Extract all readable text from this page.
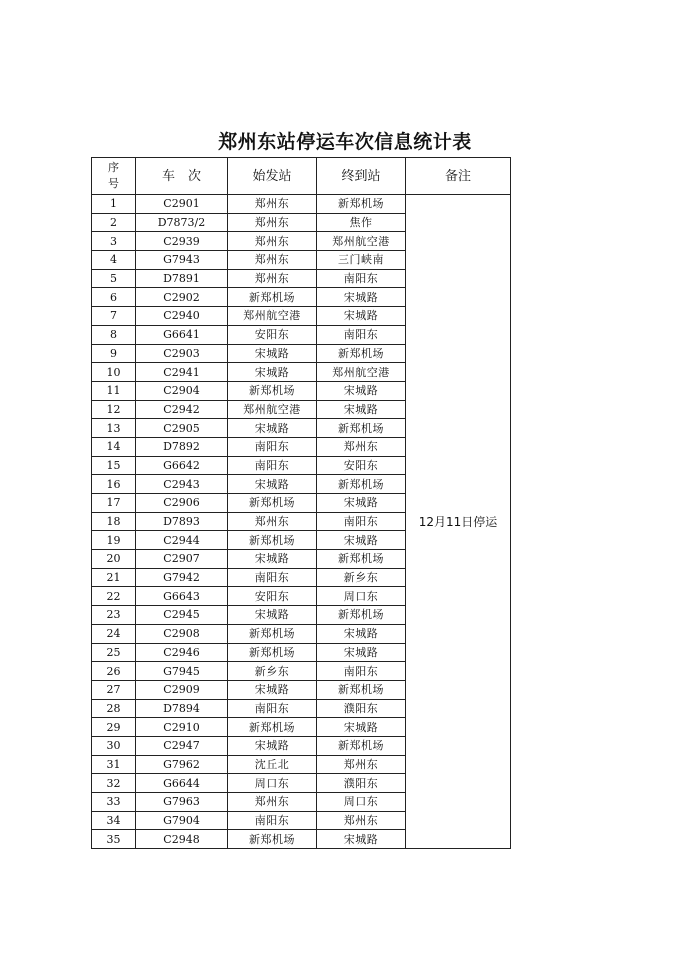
郑州东站停运车次信息统计表
序
号	车　次	始发站	终到站	备注
1	C2901	郑州东	新郑机场	12月11日停运
2	D7873/2	郑州东	焦作	
3	C2939	郑州东	郑州航空港	
4	G7943	郑州东	三门峡南	
5	D7891	郑州东	南阳东	
6	C2902	新郑机场	宋城路	
7	C2940	郑州航空港	宋城路	
8	G6641	安阳东	南阳东	
9	C2903	宋城路	新郑机场	
10	C2941	宋城路	郑州航空港	
11	C2904	新郑机场	宋城路	
12	C2942	郑州航空港	宋城路	
13	C2905	宋城路	新郑机场	
14	D7892	南阳东	郑州东	
15	G6642	南阳东	安阳东	
16	C2943	宋城路	新郑机场	
17	C2906	新郑机场	宋城路	
18	D7893	郑州东	南阳东	
19	C2944	新郑机场	宋城路	
20	C2907	宋城路	新郑机场	
21	G7942	南阳东	新乡东	
22	G6643	安阳东	周口东	
23	C2945	宋城路	新郑机场	
24	C2908	新郑机场	宋城路	
25	C2946	新郑机场	宋城路	
26	G7945	新乡东	南阳东	
27	C2909	宋城路	新郑机场	
28	D7894	南阳东	濮阳东	
29	C2910	新郑机场	宋城路	
30	C2947	宋城路	新郑机场	
31	G7962	沈丘北	郑州东	
32	G6644	周口东	濮阳东	
33	G7963	郑州东	周口东	
34	G7904	南阳东	郑州东	
35	C2948	新郑机场	宋城路	
